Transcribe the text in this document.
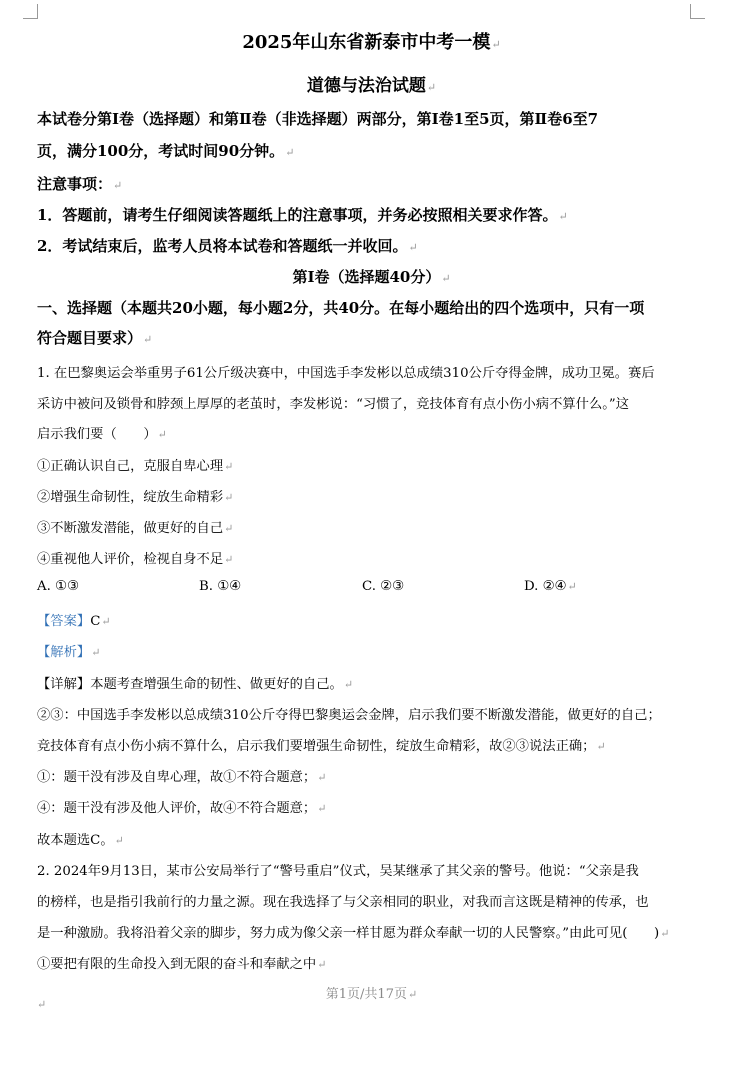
2025年山东省新泰市中考一模↵
道德与法治试题↵
本试卷分第Ⅰ卷（选择题）和第Ⅱ卷（非选择题）两部分，第Ⅰ卷1至5页，第Ⅱ卷6至7
页，满分100分，考试时间90分钟。↵
注意事项：↵
1．答题前，请考生仔细阅读答题纸上的注意事项，并务必按照相关要求作答。↵
2．考试结束后，监考人员将本试卷和答题纸一并收回。↵
第Ⅰ卷（选择题40分）↵
一、选择题（本题共20小题，每小题2分，共40分。在每小题给出的四个选项中，只有一项
符合题目要求）↵
1. 在巴黎奥运会举重男子61公斤级决赛中，中国选手李发彬以总成绩310公斤夺得金牌，成功卫冕。赛后
采访中被问及锁骨和脖颈上厚厚的老茧时，李发彬说：“习惯了，竞技体育有点小伤小病不算什么。”这
启示我们要（　　）↵
①正确认识自己，克服自卑心理↵
②增强生命韧性，绽放生命精彩↵
③不断激发潜能，做更好的自己↵
④重视他人评价，检视自身不足↵
A. ①③	B. ①④	C. ②③	D. ②④↵
【答案】C↵
【解析】↵
【详解】本题考查增强生命的韧性、做更好的自己。↵
②③：中国选手李发彬以总成绩310公斤夺得巴黎奥运会金牌，启示我们要不断激发潜能，做更好的自己；
竞技体育有点小伤小病不算什么，启示我们要增强生命韧性，绽放生命精彩，故②③说法正确；↵
①：题干没有涉及自卑心理，故①不符合题意；↵
④：题干没有涉及他人评价，故④不符合题意；↵
故本题选C。↵
2. 2024年9月13日，某市公安局举行了“警号重启”仪式，吴某继承了其父亲的警号。他说：“父亲是我
的榜样，也是指引我前行的力量之源。现在我选择了与父亲相同的职业，对我而言这既是精神的传承，也
是一种激励。我将沿着父亲的脚步，努力成为像父亲一样甘愿为群众奉献一切的人民警察。”由此可见(　　)↵
①要把有限的生命投入到无限的奋斗和奉献之中↵
第1页/共17页↵
↵
